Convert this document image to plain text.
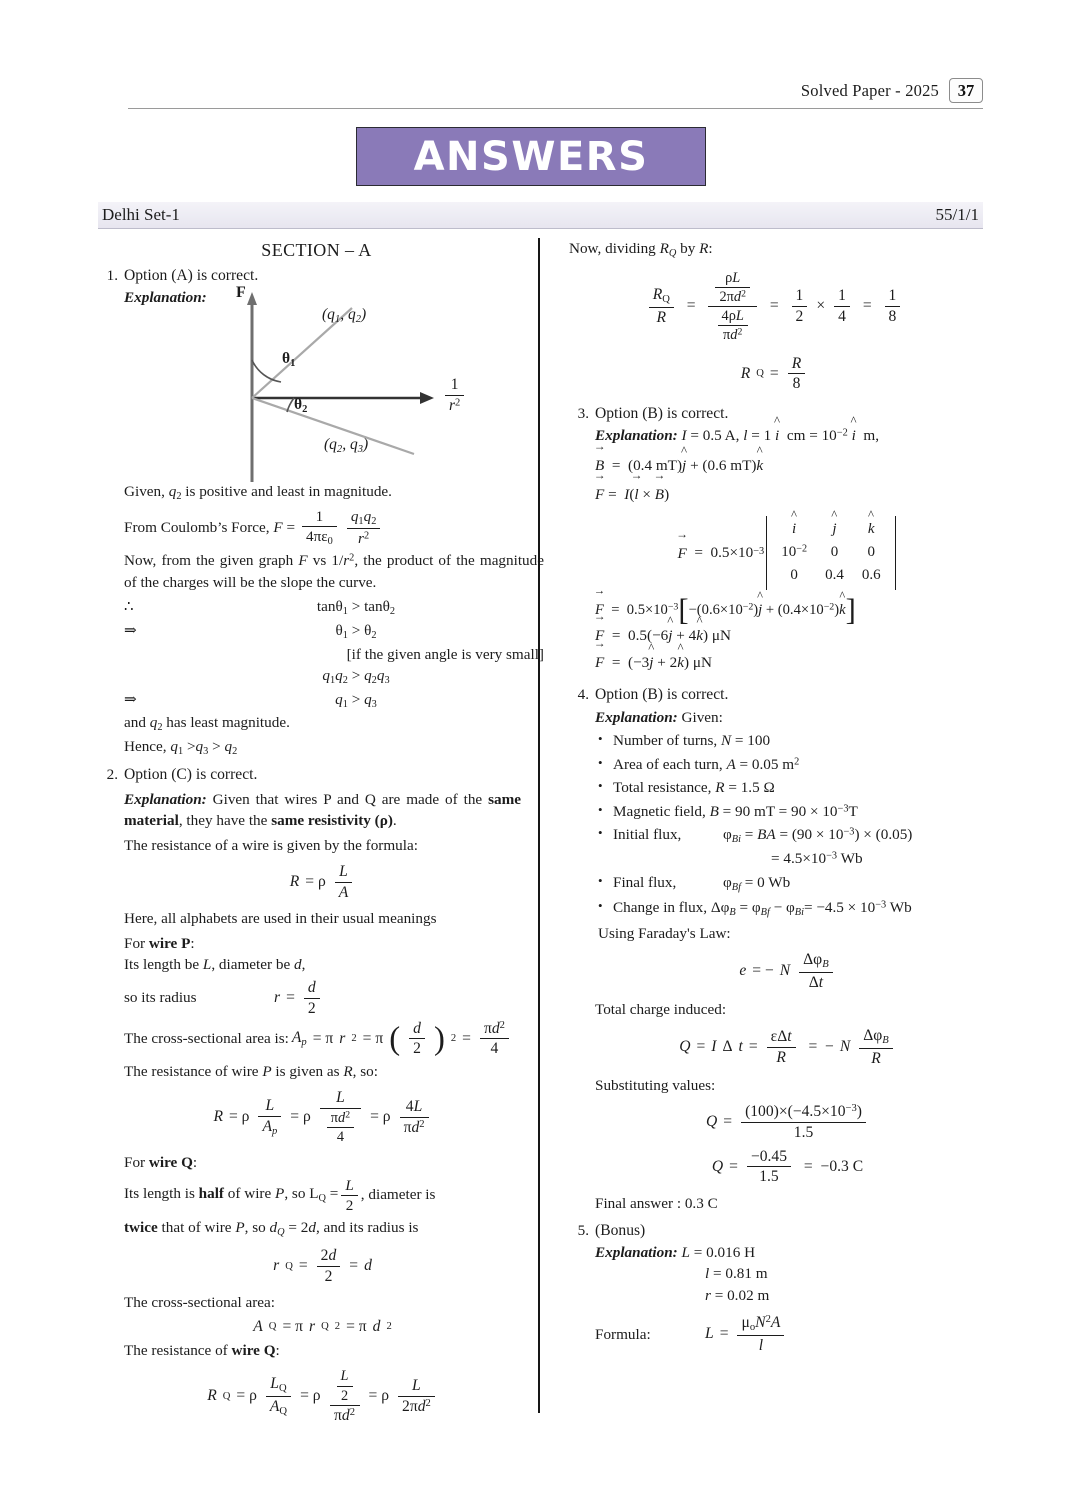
Solved Paper - 2025	37
ANSWERS
Delhi Set-1	55/1/1
SECTION – A
1. Option (A) is correct.
Explanation: F
($q_1$, $q_2$)
$\theta_1$
$\theta_2$	$\frac{1}{r^2}$
($q_2$, $q_3$)
Given, $q_2$ is positive and least in magnitude.
From Coulomb’s Force, $F = \frac{1}{4\pi\varepsilon_0} \frac{q_1q_2}{r^2}$
Now, from the given graph F vs $1/r^2$, the product of the magnitude of the charges will be the slope the curve.
∴	tanθ$_1$ > tanθ$_2$
⇒	$\theta_1 > \theta_2$
[if the given angle is very small]
$q_1q_2 > q_2q_3$
⇒	$q_1 > q_3$
and $q_2$ has least magnitude.
Hence, $q_1 >q_3 > q_2$
2. Option (C) is correct.
Explanation: Given that wires P and Q are made of the same material, they have the same resistivity (ρ).
The resistance of a wire is given by the formula:
R = ρ $\frac{L}{A}$
Here, all alphabets are used in their usual meanings
For wire P:
Its length be L, diameter be d,
so its radius	$r = \frac{d}{2}$
The cross-sectional area is: $A_p = \pi$ r 2 = π ( $\frac{d}{2}$ ) $2 = \frac{\pi d^2}{4}$
The resistance of wire P is given as R, so:
R = ρ $\frac{L}{A_p} = \rho \frac{L}{\frac{\pi d^2}{4}} = \rho \frac{4L}{\pi d^2}$
For wire Q:
Its length is half of wire P, so $L_Q = \frac{L}{2}$ , diameter is
twice that of wire P, so $d_Q = 2d$, and its radius is
r $Q = \frac{2d}{2} = d$
The cross-sectional area:
A Q = π r Q 2 = π d 2
The resistance of wire Q:
R Q = ρ $\frac{L_Q}{A_Q} = \rho \frac{\frac{L}{2}}{\pi d^2} = \rho \frac{L}{2\pi d^2}$
Now, dividing $R_Q$ by R:
$\frac{R_Q}{R} = \frac{\frac{\rho L}{2\pi d^2}}{\frac{4\rho L}{\pi d^2}} = \frac{1}{2} \times \frac{1}{4} = \frac{1}{8}$
R $Q = \frac{R}{8}$
3. Option (B) is correct.
Explanation: I = 0.5 A, l = 1 i ^  cm = $10^{-2}$ i ^  m,
B →  =  (0.4 mT)j ^ + (0.6 mT)k ^
F → =  I(l → × B →)
F → =  0.5×10 −3
i ^	j ^	k ^
$10^{-2}$	0	0
0	0.4	0.6
F →  =  $0.5\times 10^{-3}[-(0.6\times 10^{-2})j$ ^ + $(0.4\times 10^{-2})k$ ^]
F →  =  0.5(−6j ^ + 4k ^) μN
F →  =  (−3j ^ + 2k ^) μN
4. Option (B) is correct.
Explanation: Given:
• Number of turns, N = 100
• Area of each turn, A = 0.05 $m^2$
• Total resistance, R = 1.5 Ω
• Magnetic field, B = 90 mT = $90 \times 10^{-3}T$
• Initial flux,	$\varphi_{Bi}$ = BA = $(90 \times 10^{-3}) \times (0.05)$
= $4.5\times 10^{-3}$ Wb
• Final flux,	$\varphi_{Bf} = 0$ Wb
• Change in flux, $\Delta\varphi_B = \varphi_{Bf} - \varphi_{Bi}= -4.5 \times 10^{-3}$ Wb
Using Faraday's Law:
e = − N $\frac{\Delta\varphi_B}{\Delta t}$
Total charge induced:
Q = I Δ $t = \frac{\text{εΔt}}{R}$ =  − N $\frac{\Delta\varphi_B}{R}$
Substituting values:
$Q = \frac{(100)\times(-4.5\times 10^{-3})}{1.5}$
$Q = \frac{-0.45}{1.5} = -0.3$ C
Final answer : 0.3 C
5. (Bonus)
Explanation: L = 0.016 H
l = 0.81 m
r = 0.02 m
Formula:	$L = \frac{\mu_oN^2A}{l}$
